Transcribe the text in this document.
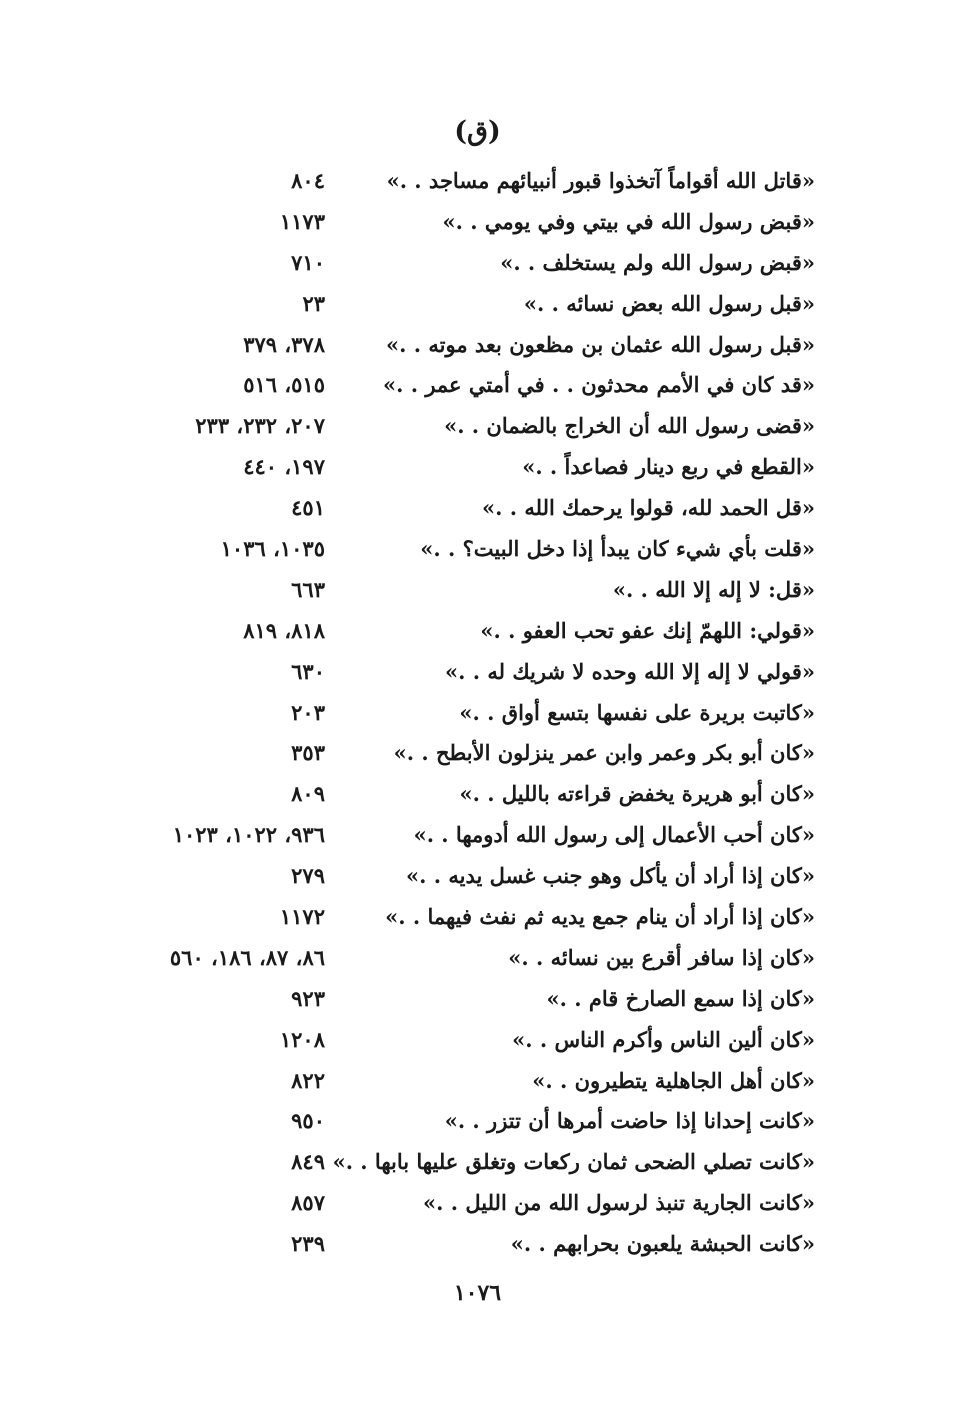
(ق)
«قاتل الله أقواماً آتخذوا قبور أنبيائهم مساجد . .»
٨٠٤
«قبض رسول الله في بيتي وفي يومي . .»
١١٧٣
«قبض رسول الله ولم يستخلف . .»
٧١٠
«قبل رسول الله بعض نسائه . .»
٢٣
«قبل رسول الله عثمان بن مظعون بعد موته . .»
٣٧٨، ٣٧٩
«قد كان في الأمم محدثون . . في أمتي عمر . .»
٥١٥، ٥١٦
«قضى رسول الله أن الخراج بالضمان . .»
٢٠٧، ٢٣٢، ٢٣٣
«القطع في ربع دينار فصاعداً . .»
١٩٧، ٤٤٠
«قل الحمد لله، قولوا يرحمك الله . .»
٤٥١
«قلت بأي شيء كان يبدأ إذا دخل البيت؟ . .»
١٠٣٥، ١٠٣٦
«قل: لا إله إلا الله . .»
٦٦٣
«قولي: اللهمّ إنك عفو تحب العفو . .»
٨١٨، ٨١٩
«قولي لا إله إلا الله وحده لا شريك له . .»
٦٣٠
«كاتبت بريرة على نفسها بتسع أواق . .»
٢٠٣
«كان أبو بكر وعمر وابن عمر ينزلون الأبطح . .»
٣٥٣
«كان أبو هريرة يخفض قراءته بالليل . .»
٨٠٩
«كان أحب الأعمال إلى رسول الله أدومها . .»
٩٣٦، ١٠٢٢، ١٠٢٣
«كان إذا أراد أن يأكل وهو جنب غسل يديه . .»
٢٧٩
«كان إذا أراد أن ينام جمع يديه ثم نفث فيهما . .»
١١٧٢
«كان إذا سافر أقرع بين نسائه . .»
٨٦، ٨٧، ١٨٦، ٥٦٠
«كان إذا سمع الصارخ قام . .»
٩٢٣
«كان ألين الناس وأكرم الناس . .»
١٢٠٨
«كان أهل الجاهلية يتطيرون . .»
٨٢٢
«كانت إحدانا إذا حاضت أمرها أن تتزر . .»
٩٥٠
«كانت تصلي الضحى ثمان ركعات وتغلق عليها بابها . .»
٨٤٩
«كانت الجارية تنبذ لرسول الله من الليل . .»
٨٥٧
«كانت الحبشة يلعبون بحرابهم . .»
٢٣٩
١٠٧٦
